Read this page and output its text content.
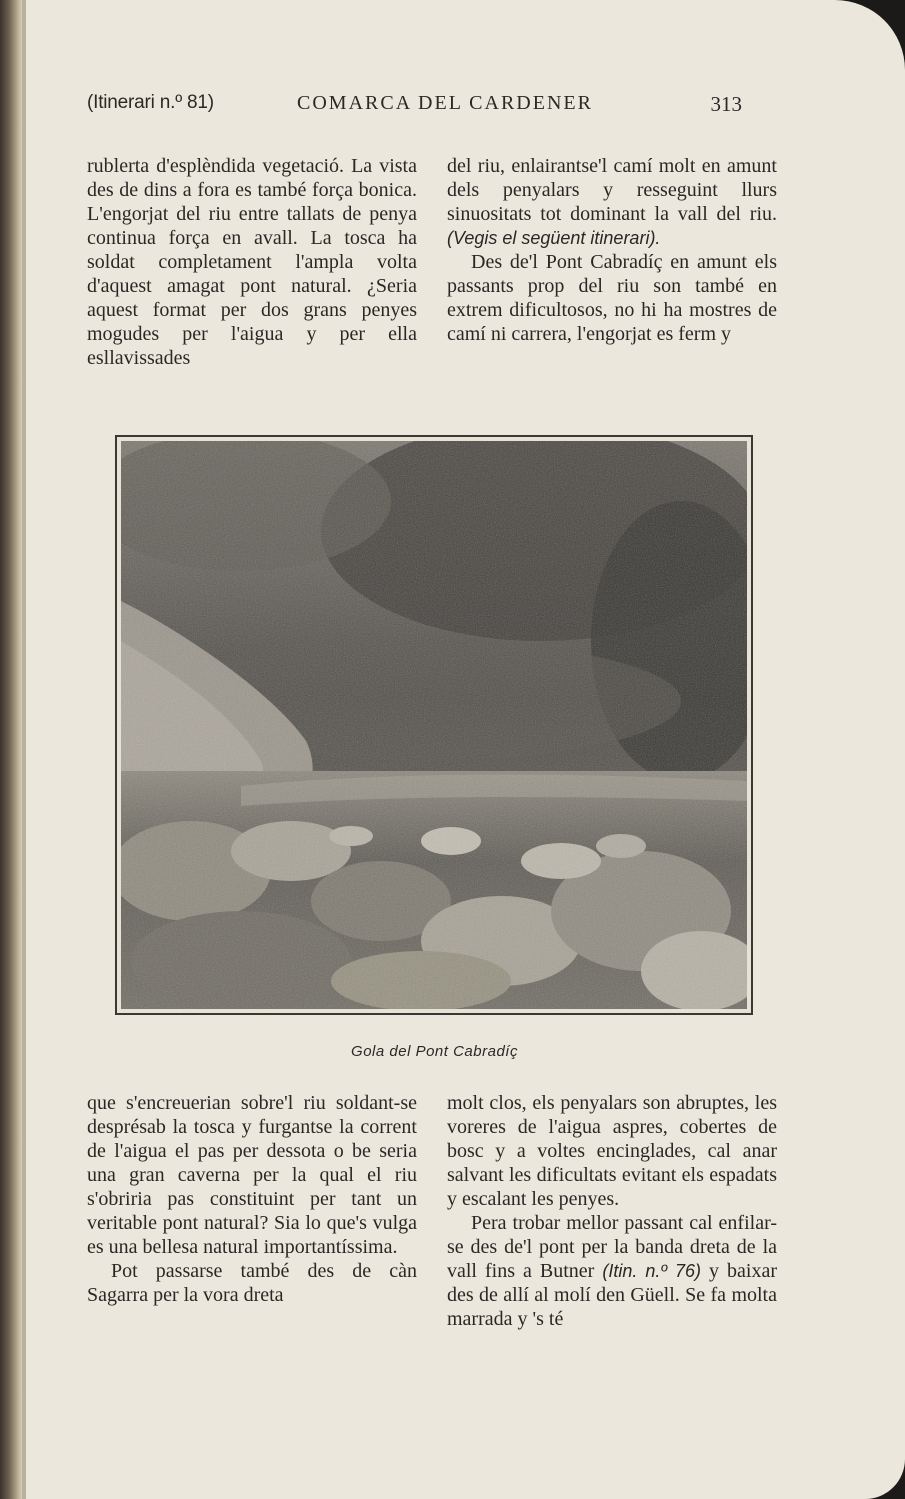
(Itinerari n.º 81)	COMARCA DEL CARDENER	313

rublerta d'esplèndida vegetació. La vista des de dins a fora es també força bonica. L'engorjat del riu entre tallats de penya continua força en avall. La tosca ha soldat completament l'ampla volta d'aquest amagat pont natural. ¿Seria aquest format per dos grans penyes mogudes per l'aigua y per ella esllavissades

del riu, enlairantse'l camí molt en amunt dels penyalars y resseguint llurs sinuositats tot dominant la vall del riu. (Vegis el següent itinerari).

Des de'l Pont Cabradíç en amunt els passants prop del riu son també en extrem dificultosos, no hi ha mostres de camí ni carrera, l'engorjat es ferm y

Gola del Pont Cabradíç

que s'encreuerian sobre'l riu soldant-se desprésab la tosca y furgantse la corrent de l'aigua el pas per dessota o be seria una gran caverna per la qual el riu s'obriria pas constituint per tant un veritable pont natural? Sia lo que's vulga es una bellesa natural importantíssima.

Pot passarse també des de càn Sagarra per la vora dreta

molt clos, els penyalars son abruptes, les voreres de l'aigua aspres, cobertes de bosc y a voltes encinglades, cal anar salvant les dificultats evitant els espadats y escalant les penyes.

Pera trobar mellor passant cal enfilar-se des de'l pont per la banda dreta de la vall fins a Butner (Itin. n.º 76) y baixar des de allí al molí den Güell. Se fa molta marrada y 's té
